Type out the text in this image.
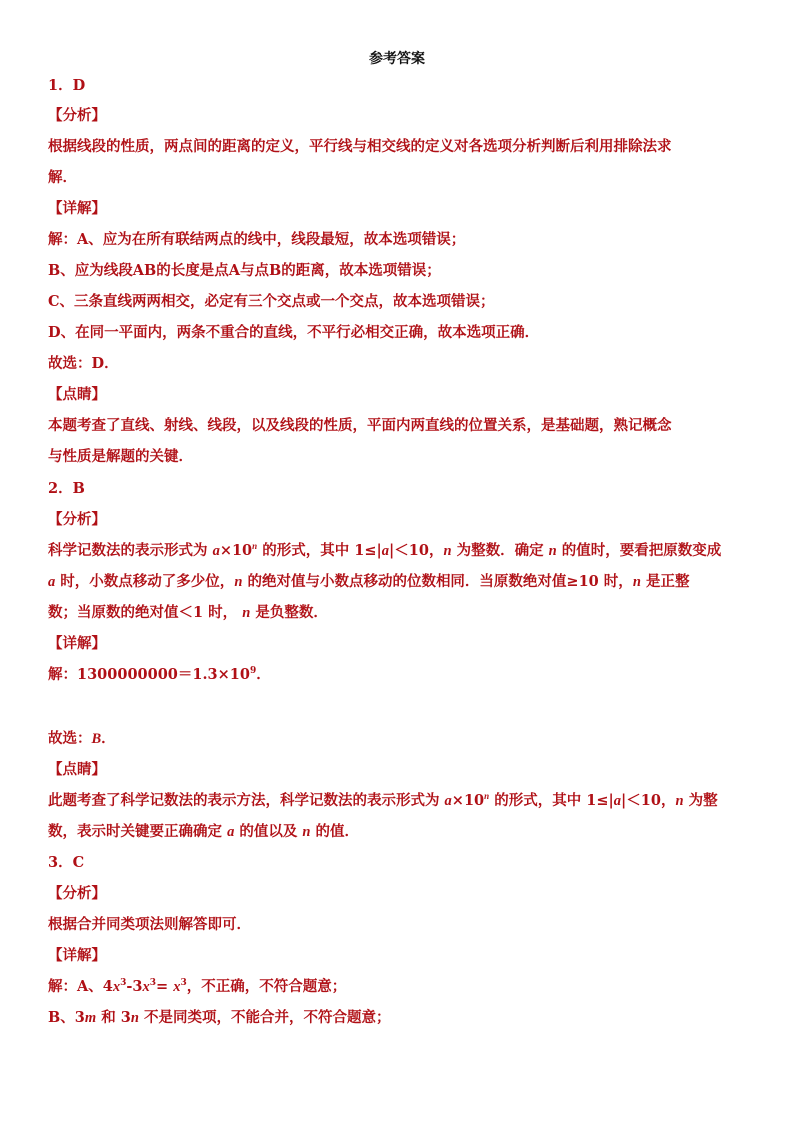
参考答案
1．D
【分析】
根据线段的性质，两点间的距离的定义，平行线与相交线的定义对各选项分析判断后利用排除法求
解．
【详解】
解：A、应为在所有联结两点的线中，线段最短，故本选项错误；
B、应为线段AB的长度是点A与点B的距离，故本选项错误；
C、三条直线两两相交，必定有三个交点或一个交点，故本选项错误；
D、在同一平面内，两条不重合的直线，不平行必相交正确，故本选项正确．
故选：D．
【点睛】
本题考查了直线、射线、线段，以及线段的性质，平面内两直线的位置关系，是基础题，熟记概念
与性质是解题的关键．
2．B
【分析】
科学记数法的表示形式为 $a\times 10^n$ 的形式，其中 1≤|a|＜10，n 为整数．确定 n 的值时，要看把原数变成
a 时，小数点移动了多少位，n 的绝对值与小数点移动的位数相同．当原数绝对值≥10 时，n 是正整
数；当原数的绝对值＜1 时， n 是负整数．
【详解】
解：$1300000000=1.3\times 10^9$．
故选：B．
【点睛】
此题考查了科学记数法的表示方法，科学记数法的表示形式为 $a\times 10^n$ 的形式，其中 1≤|a|＜10，n 为整
数，表示时关键要正确确定 a 的值以及 n 的值．
3．C
【分析】
根据合并同类项法则解答即可．
【详解】
解：A、$4x^3-3x^3= x^3$，不正确，不符合题意；
B、3m 和 3n 不是同类项，不能合并，不符合题意；
